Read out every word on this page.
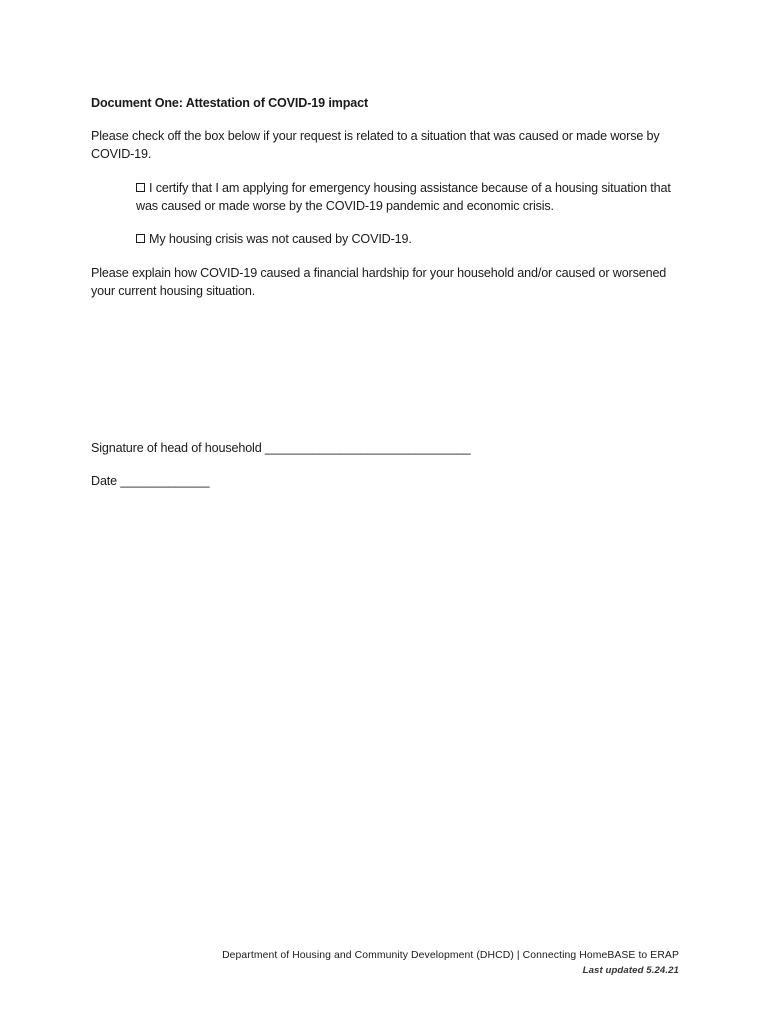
Document One: Attestation of COVID-19 impact

Please check off the box below if your request is related to a situation that was caused or made worse by COVID-19.

I certify that I am applying for emergency housing assistance because of a housing situation that was caused or made worse by the COVID-19 pandemic and economic crisis.

My housing crisis was not caused by COVID-19.

Please explain how COVID-19 caused a financial hardship for your household and/or caused or worsened your current housing situation.

Signature of head of household ______________________________

Date _____________

Department of Housing and Community Development (DHCD) | Connecting HomeBASE to ERAP
Last updated 5.24.21
